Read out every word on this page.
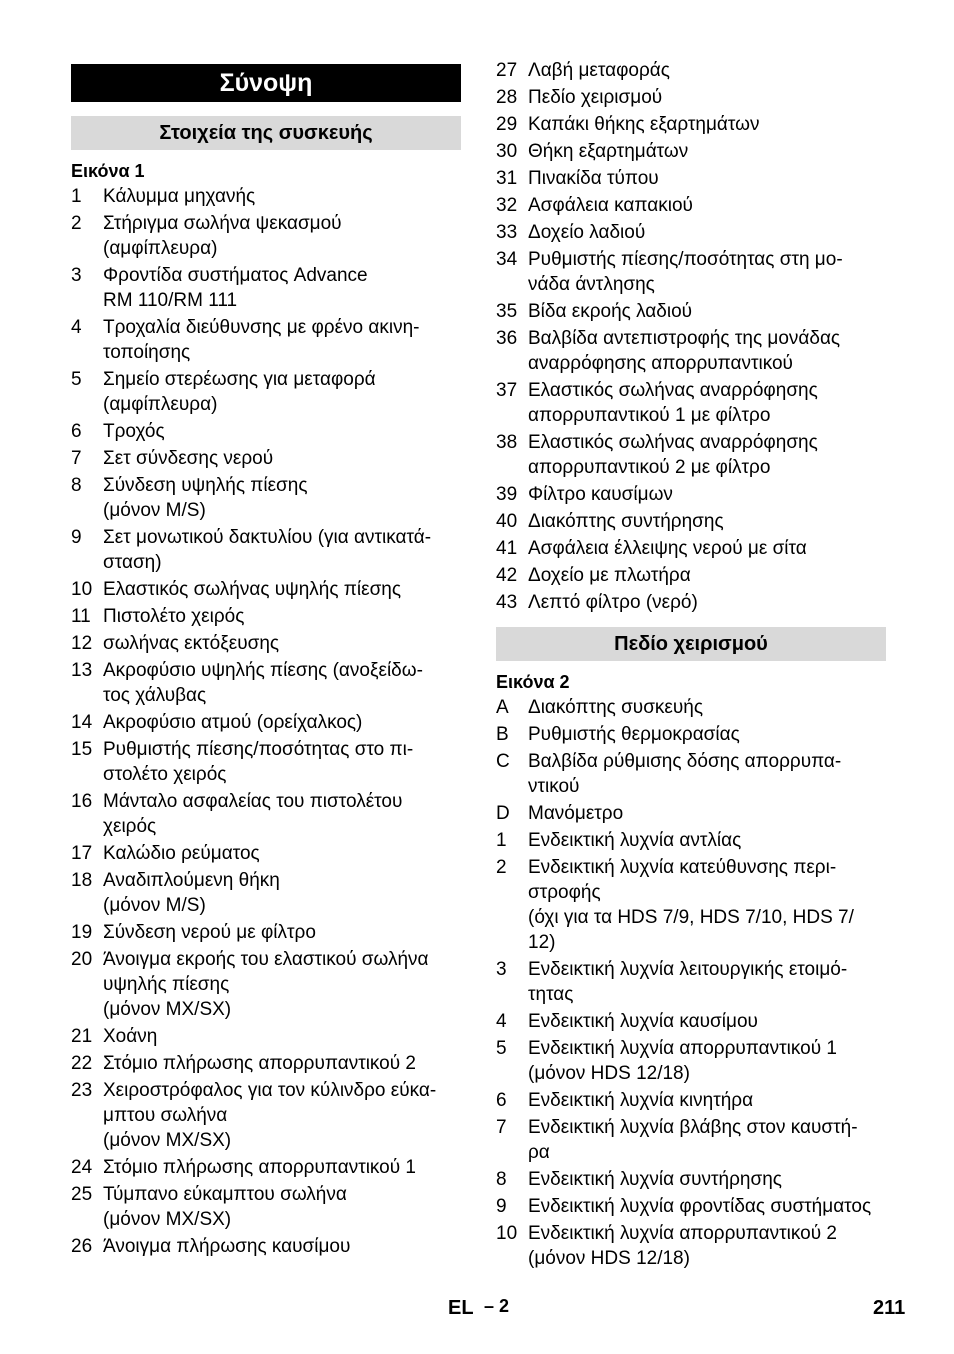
Σύνοψη
Στοιχεία της συσκευής
Εικόνα 1
1 Κάλυμμα μηχανής
2 Στήριγμα σωλήνα ψεκασμού
(αμφίπλευρα)
3 Φροντίδα συστήματος Advance
RM 110/RM 111
4 Τροχαλία διεύθυνσης με φρένο ακινη-
τοποίησης
5 Σημείο στερέωσης για μεταφορά
(αμφίπλευρα)
6 Τροχός
7 Σετ σύνδεσης νερού
8 Σύνδεση υψηλής πίεσης
(μόνον M/S)
9 Σετ μονωτικού δακτυλίου (για αντικατά-
σταση)
10 Ελαστικός σωλήνας υψηλής πίεσης
11 Πιστολέτο χειρός
12 σωλήνας εκτόξευσης
13 Ακροφύσιο υψηλής πίεσης (ανοξείδω-
τος χάλυβας
14 Ακροφύσιο ατμού (ορείχαλκος)
15 Ρυθμιστής πίεσης/ποσότητας στο πι-
στολέτο χειρός
16 Μάνταλο ασφαλείας του πιστολέτου
χειρός
17 Καλώδιο ρεύματος
18 Αναδιπλούμενη θήκη
(μόνον M/S)
19 Σύνδεση νερού με φίλτρο
20 Άνοιγμα εκροής του ελαστικού σωλήνα
υψηλής πίεσης
(μόνον MX/SX)
21 Χοάνη
22 Στόμιο πλήρωσης απορρυπαντικού 2
23 Χειροστρόφαλος για τον κύλινδρο εύκα-
μπτου σωλήνα
(μόνον MX/SX)
24 Στόμιο πλήρωσης απορρυπαντικού 1
25 Τύμπανο εύκαμπτου σωλήνα
(μόνον MX/SX)
26 Άνοιγμα πλήρωσης καυσίμου
27 Λαβή μεταφοράς
28 Πεδίο χειρισμού
29 Καπάκι θήκης εξαρτημάτων
30 Θήκη εξαρτημάτων
31 Πινακίδα τύπου
32 Ασφάλεια καπακιού
33 Δοχείο λαδιού
34 Ρυθμιστής πίεσης/ποσότητας στη μο-
νάδα άντλησης
35 Βίδα εκροής λαδιού
36 Βαλβίδα αντεπιστροφής της μονάδας
αναρρόφησης απορρυπαντικού
37 Ελαστικός σωλήνας αναρρόφησης
απορρυπαντικού 1 με φίλτρο
38 Ελαστικός σωλήνας αναρρόφησης
απορρυπαντικού 2 με φίλτρο
39 Φίλτρο καυσίμων
40 Διακόπτης συντήρησης
41 Ασφάλεια έλλειψης νερού με σίτα
42 Δοχείο με πλωτήρα
43 Λεπτό φίλτρο (νερό)
Πεδίο χειρισμού
Εικόνα 2
A Διακόπτης συσκευής
B Ρυθμιστής θερμοκρασίας
C Βαλβίδα ρύθμισης δόσης απορρυπα-
ντικού
D Μανόμετρο
1 Ενδεικτική λυχνία αντλίας
2 Ενδεικτική λυχνία κατεύθυνσης περι-
στροφής
(όχι για τα HDS 7/9, HDS 7/10, HDS 7/
12)
3 Ενδεικτική λυχνία λειτουργικής ετοιμό-
τητας
4 Ενδεικτική λυχνία καυσίμου
5 Ενδεικτική λυχνία απορρυπαντικού 1
(μόνον HDS 12/18)
6 Ενδεικτική λυχνία κινητήρα
7 Ενδεικτική λυχνία βλάβης στον καυστή-
ρα
8 Ενδεικτική λυχνία συντήρησης
9 Ενδεικτική λυχνία φροντίδας συστήματος
10 Ενδεικτική λυχνία απορρυπαντικού 2
(μόνον HDS 12/18)
EL – 2	211
